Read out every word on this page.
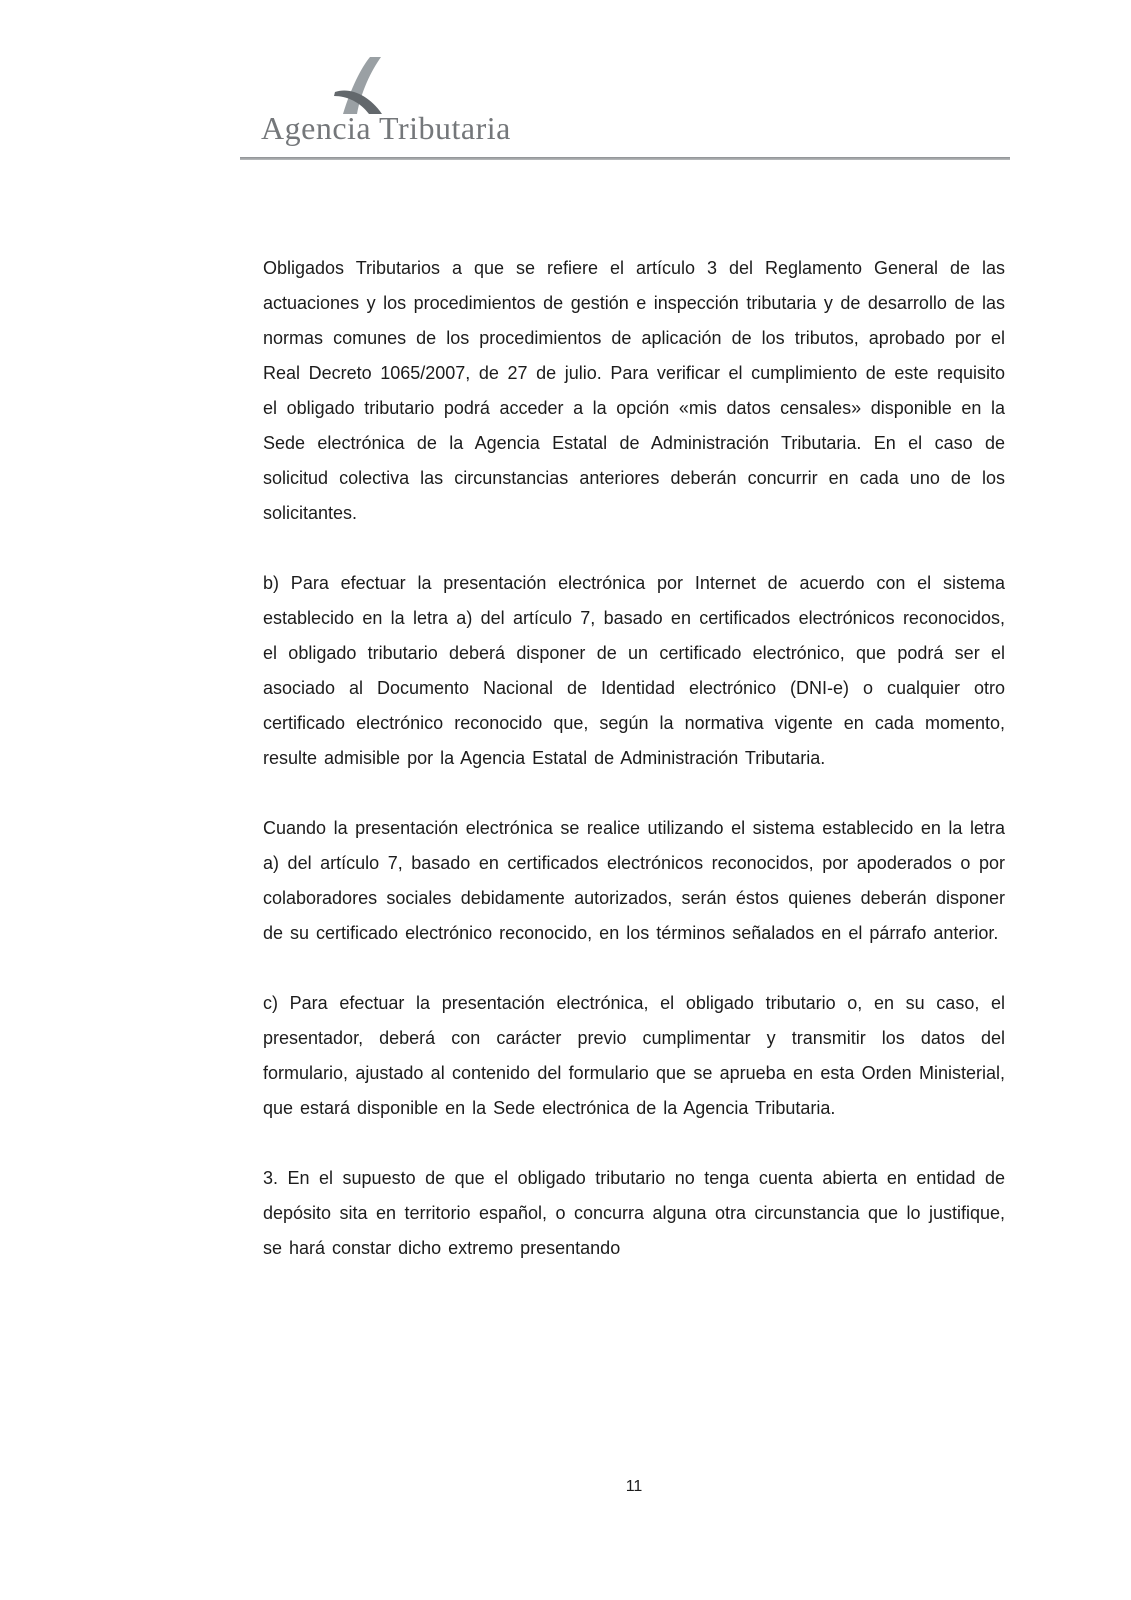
Agencia Tributaria

Obligados Tributarios a que se refiere el artículo 3 del Reglamento General de las actuaciones y los procedimientos de gestión e inspección tributaria y de desarrollo de las normas comunes de los procedimientos de aplicación de los tributos, aprobado por el Real Decreto 1065/2007, de 27 de julio. Para verificar el cumplimiento de este requisito el obligado tributario podrá acceder a la opción «mis datos censales» disponible en la Sede electrónica de la Agencia Estatal de Administración Tributaria. En el caso de solicitud colectiva las circunstancias anteriores deberán concurrir en cada uno de los solicitantes.

b) Para efectuar la presentación electrónica por Internet de acuerdo con el sistema establecido en la letra a) del artículo 7, basado en certificados electrónicos reconocidos, el obligado tributario deberá disponer de un certificado electrónico, que podrá ser el asociado al Documento Nacional de Identidad electrónico (DNI-e) o cualquier otro certificado electrónico reconocido que, según la normativa vigente en cada momento, resulte admisible por la Agencia Estatal de Administración Tributaria.

Cuando la presentación electrónica se realice utilizando el sistema establecido en la letra a) del artículo 7, basado en certificados electrónicos reconocidos, por apoderados o por colaboradores sociales debidamente autorizados, serán éstos quienes deberán disponer de su certificado electrónico reconocido, en los términos señalados en el párrafo anterior.

c) Para efectuar la presentación electrónica, el obligado tributario o, en su caso, el presentador, deberá con carácter previo cumplimentar y transmitir los datos del formulario, ajustado al contenido del formulario que se aprueba en esta Orden Ministerial, que estará disponible en la Sede electrónica de la Agencia Tributaria.

3. En el supuesto de que el obligado tributario no tenga cuenta abierta en entidad de depósito sita en territorio español, o concurra alguna otra circunstancia que lo justifique, se hará constar dicho extremo presentando

11
